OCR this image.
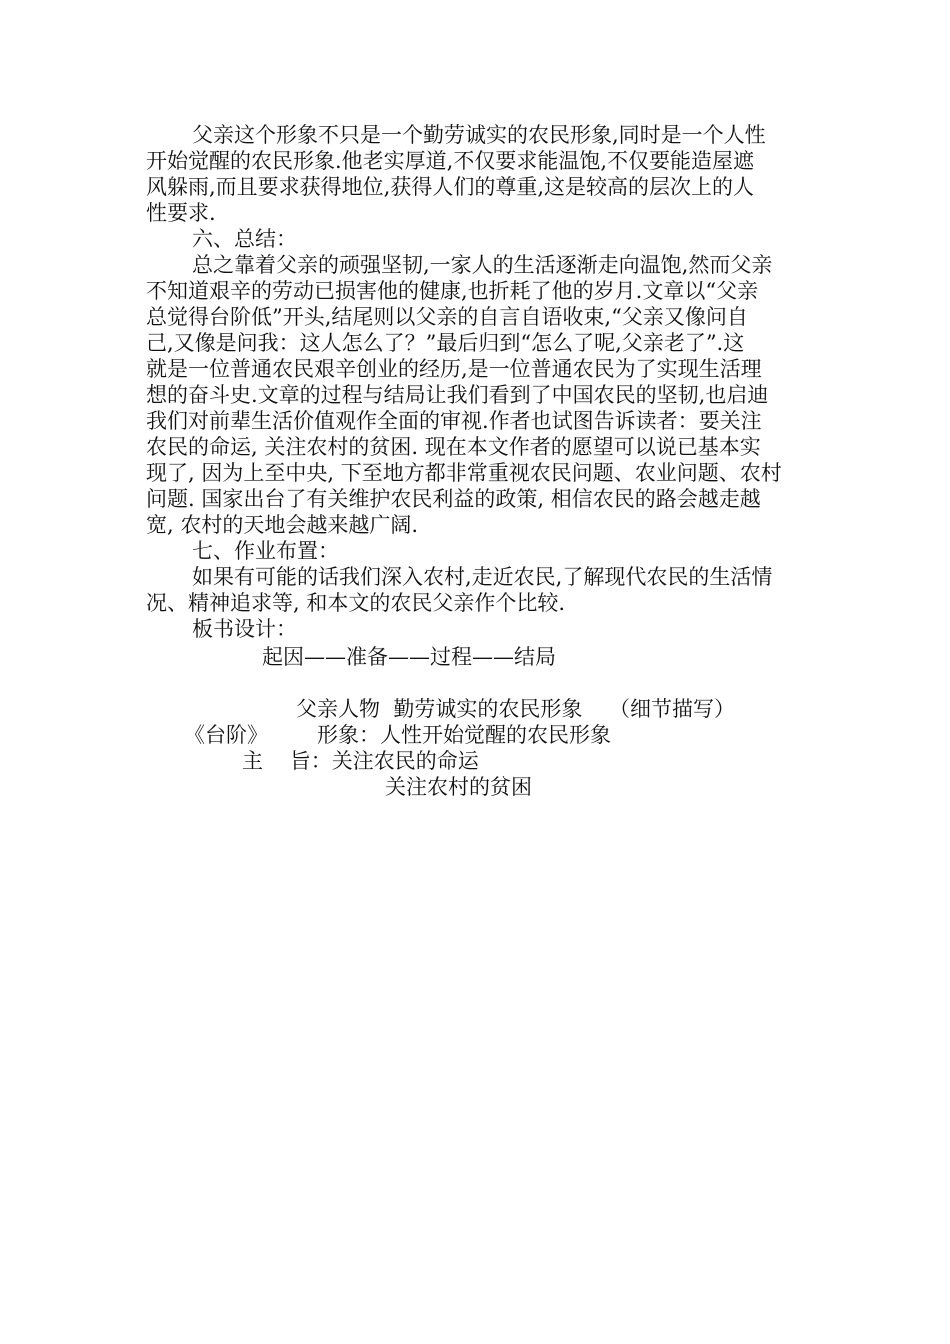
父亲这个形象不只是一个勤劳诚实的农民形象,同时是一个人性
开始觉醒的农民形象.他老实厚道,不仅要求能温饱,不仅要能造屋遮
风躲雨,而且要求获得地位,获得人们的尊重,这是较高的层次上的人
性要求.
六、总结：
总之靠着父亲的顽强坚韧,一家人的生活逐渐走向温饱,然而父亲
不知道艰辛的劳动已损害他的健康,也折耗了他的岁月.文章以“父亲
总觉得台阶低”开头,结尾则以父亲的自言自语收束,“父亲又像问自
己,又像是问我：这人怎么了？”最后归到“怎么了呢,父亲老了”.这
就是一位普通农民艰辛创业的经历,是一位普通农民为了实现生活理
想的奋斗史.文章的过程与结局让我们看到了中国农民的坚韧,也启迪
我们对前辈生活价值观作全面的审视.作者也试图告诉读者：要关注
农民的命运, 关注农村的贫困. 现在本文作者的愿望可以说已基本实
现了, 因为上至中央, 下至地方都非常重视农民问题、农业问题、农村
问题. 国家出台了有关维护农民利益的政策, 相信农民的路会越走越
宽, 农村的天地会越来越广阔.
七、作业布置：
如果有可能的话我们深入农村,走近农民,了解现代农民的生活情
况、精神追求等, 和本文的农民父亲作个比较.
板书设计：
起因——准备——过程——结局
父亲人物  勤劳诚实的农民形象    （细节描写）
《台阶》 形象：人性开始觉醒的农民形象
主    旨：关注农民的命运
关注农村的贫困
